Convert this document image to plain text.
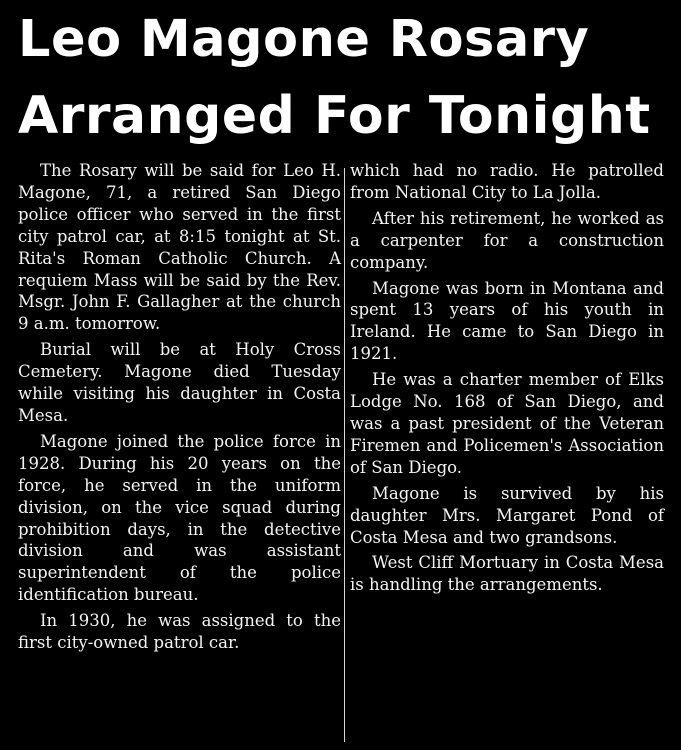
Leo Magone Rosary
Arranged For Tonight

The Rosary will be said for Leo H. Magone, 71, a retired San Diego police officer who served in the first city patrol car, at 8:15 tonight at St. Rita's Roman Catholic Church. A requiem Mass will be said by the Rev. Msgr. John F. Gallagher at the church 9 a.m. tomorrow.

Burial will be at Holy Cross Cemetery. Magone died Tuesday while visiting his daughter in Costa Mesa.

Magone joined the police force in 1928. During his 20 years on the force, he served in the uniform division, on the vice squad during prohibition days, in the detective division and was assistant superintendent of the police identification bureau.

In 1930, he was assigned to the first city-owned patrol car.

which had no radio. He patrolled from National City to La Jolla.

After his retirement, he worked as a carpenter for a construction company.

Magone was born in Montana and spent 13 years of his youth in Ireland. He came to San Diego in 1921.

He was a charter member of Elks Lodge No. 168 of San Diego, and was a past president of the Veteran Firemen and Policemen's Association of San Diego.

Magone is survived by his daughter Mrs. Margaret Pond of Costa Mesa and two grandsons.

West Cliff Mortuary in Costa Mesa is handling the arrangements.
